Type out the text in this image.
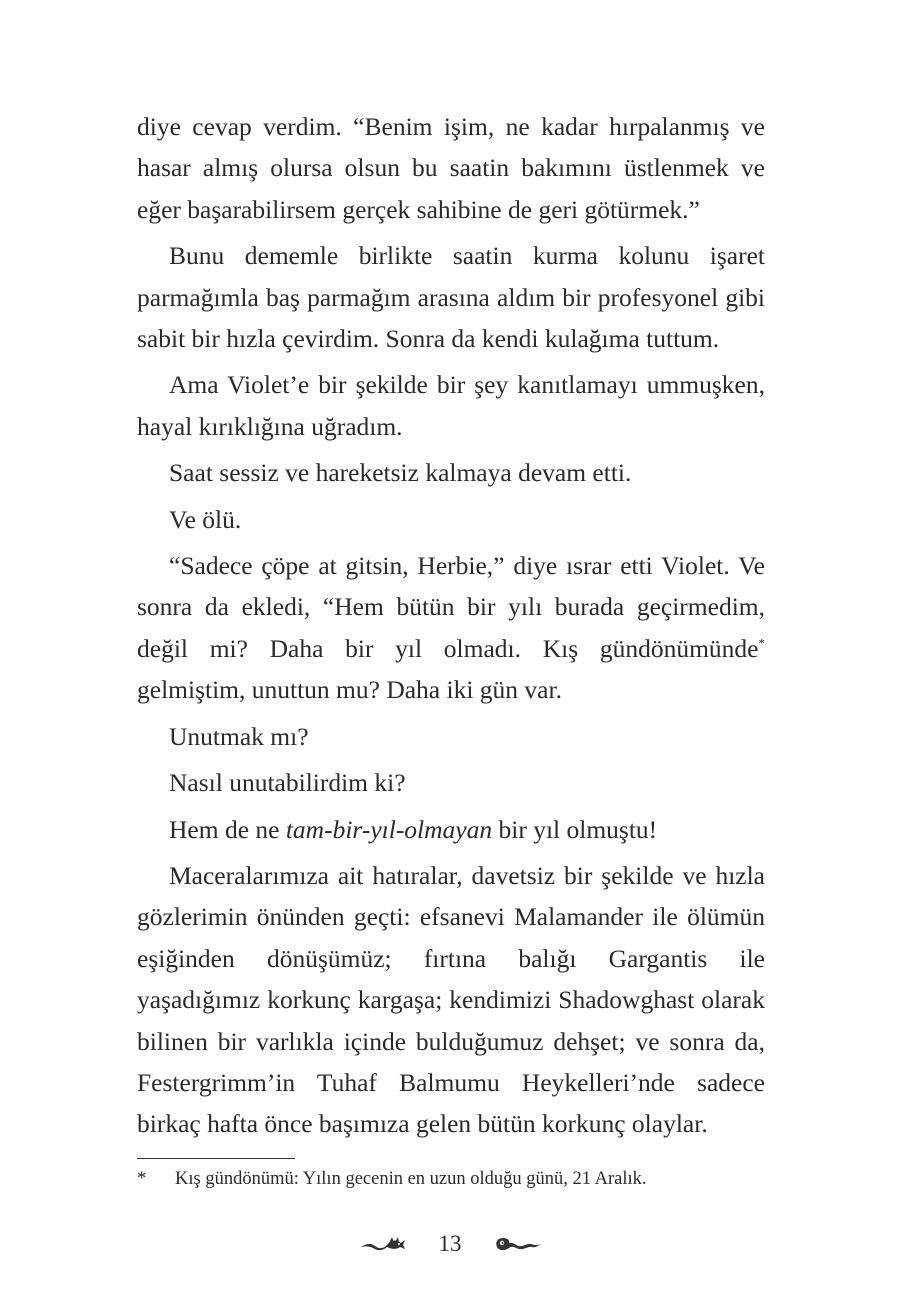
diye cevap verdim. “Benim işim, ne kadar hırpalanmış ve hasar almış olursa olsun bu saatin bakımını üstlenmek ve eğer başarabilirsem gerçek sahibine de geri götürmek.”

Bunu dememle birlikte saatin kurma kolunu işaret parmağımla baş parmağım arasına aldım bir profesyonel gibi sabit bir hızla çevirdim. Sonra da kendi kulağıma tuttum.

Ama Violet’e bir şekilde bir şey kanıtlamayı ummuşken, hayal kırıklığına uğradım.

Saat sessiz ve hareketsiz kalmaya devam etti.

Ve ölü.

“Sadece çöpe at gitsin, Herbie,” diye ısrar etti Violet. Ve sonra da ekledi, “Hem bütün bir yılı burada geçirmedim, değil mi? Daha bir yıl olmadı. Kış gündönümünde* gelmiştim, unuttun mu? Daha iki gün var.

Unutmak mı?

Nasıl unutabilirdim ki?

Hem de ne tam-bir-yıl-olmayan bir yıl olmuştu!

Maceralarımıza ait hatıralar, davetsiz bir şekilde ve hızla gözlerimin önünden geçti: efsanevi Malamander ile ölümün eşiğinden dönüşümüz; fırtına balığı Gargantis ile yaşadığımız korkunç kargaşa; kendimizi Shadowghast olarak bilinen bir varlıkla içinde bulduğumuz dehşet; ve sonra da, Festergrimm’in Tuhaf Balmumu Heykelleri’nde sadece birkaç hafta önce başımıza gelen bütün korkunç olaylar.

* Kış gündönümü: Yılın gecenin en uzun olduğu günü, 21 Aralık.
13
